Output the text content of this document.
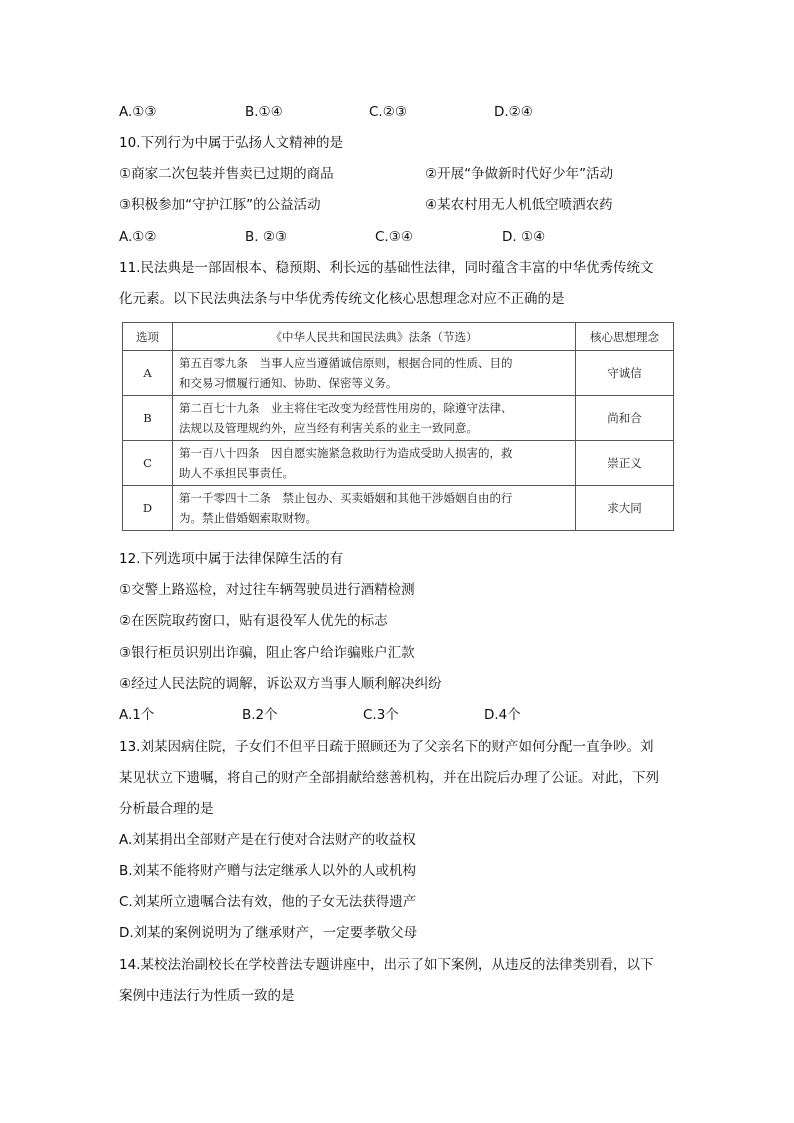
A.①③	B.①④	C.②③	D.②④
10.下列行为中属于弘扬人文精神的是
①商家二次包装并售卖已过期的商品	②开展“争做新时代好少年”活动
③积极参加“守护江豚”的公益活动	④某农村用无人机低空喷洒农药
A.①②	B. ②③	C.③④	D. ①④
11.民法典是一部固根本、稳预期、利长远的基础性法律，同时蕴含丰富的中华优秀传统文
化元素。以下民法典法条与中华优秀传统文化核心思想理念对应不正确的是
选项	《中华人民共和国民法典》法条（节选）	核心思想理念
A	第五百零九条　当事人应当遵循诚信原则，根据合同的性质、目的
和交易习惯履行通知、协助、保密等义务。	守诚信
B	第二百七十九条　业主将住宅改变为经营性用房的，除遵守法律、
法规以及管理规约外，应当经有利害关系的业主一致同意。	尚和合
C	第一百八十四条　因自愿实施紧急救助行为造成受助人损害的，救
助人不承担民事责任。	崇正义
D	第一千零四十二条　禁止包办、买卖婚姻和其他干涉婚姻自由的行
为。禁止借婚姻索取财物。	求大同
12.下列选项中属于法律保障生活的有
①交警上路巡检，对过往车辆驾驶员进行酒精检测
②在医院取药窗口，贴有退役军人优先的标志
③银行柜员识别出诈骗，阻止客户给诈骗账户汇款
④经过人民法院的调解，诉讼双方当事人顺利解决纠纷
A.1个	B.2个	C.3个	D.4个
13.刘某因病住院，子女们不但平日疏于照顾还为了父亲名下的财产如何分配一直争吵。刘
某见状立下遗嘱，将自己的财产全部捐献给慈善机构，并在出院后办理了公证。对此，下列
分析最合理的是
A.刘某捐出全部财产是在行使对合法财产的收益权
B.刘某不能将财产赠与法定继承人以外的人或机构
C.刘某所立遗嘱合法有效，他的子女无法获得遗产
D.刘某的案例说明为了继承财产，一定要孝敬父母
14.某校法治副校长在学校普法专题讲座中，出示了如下案例，从违反的法律类别看，以下
案例中违法行为性质一致的是
